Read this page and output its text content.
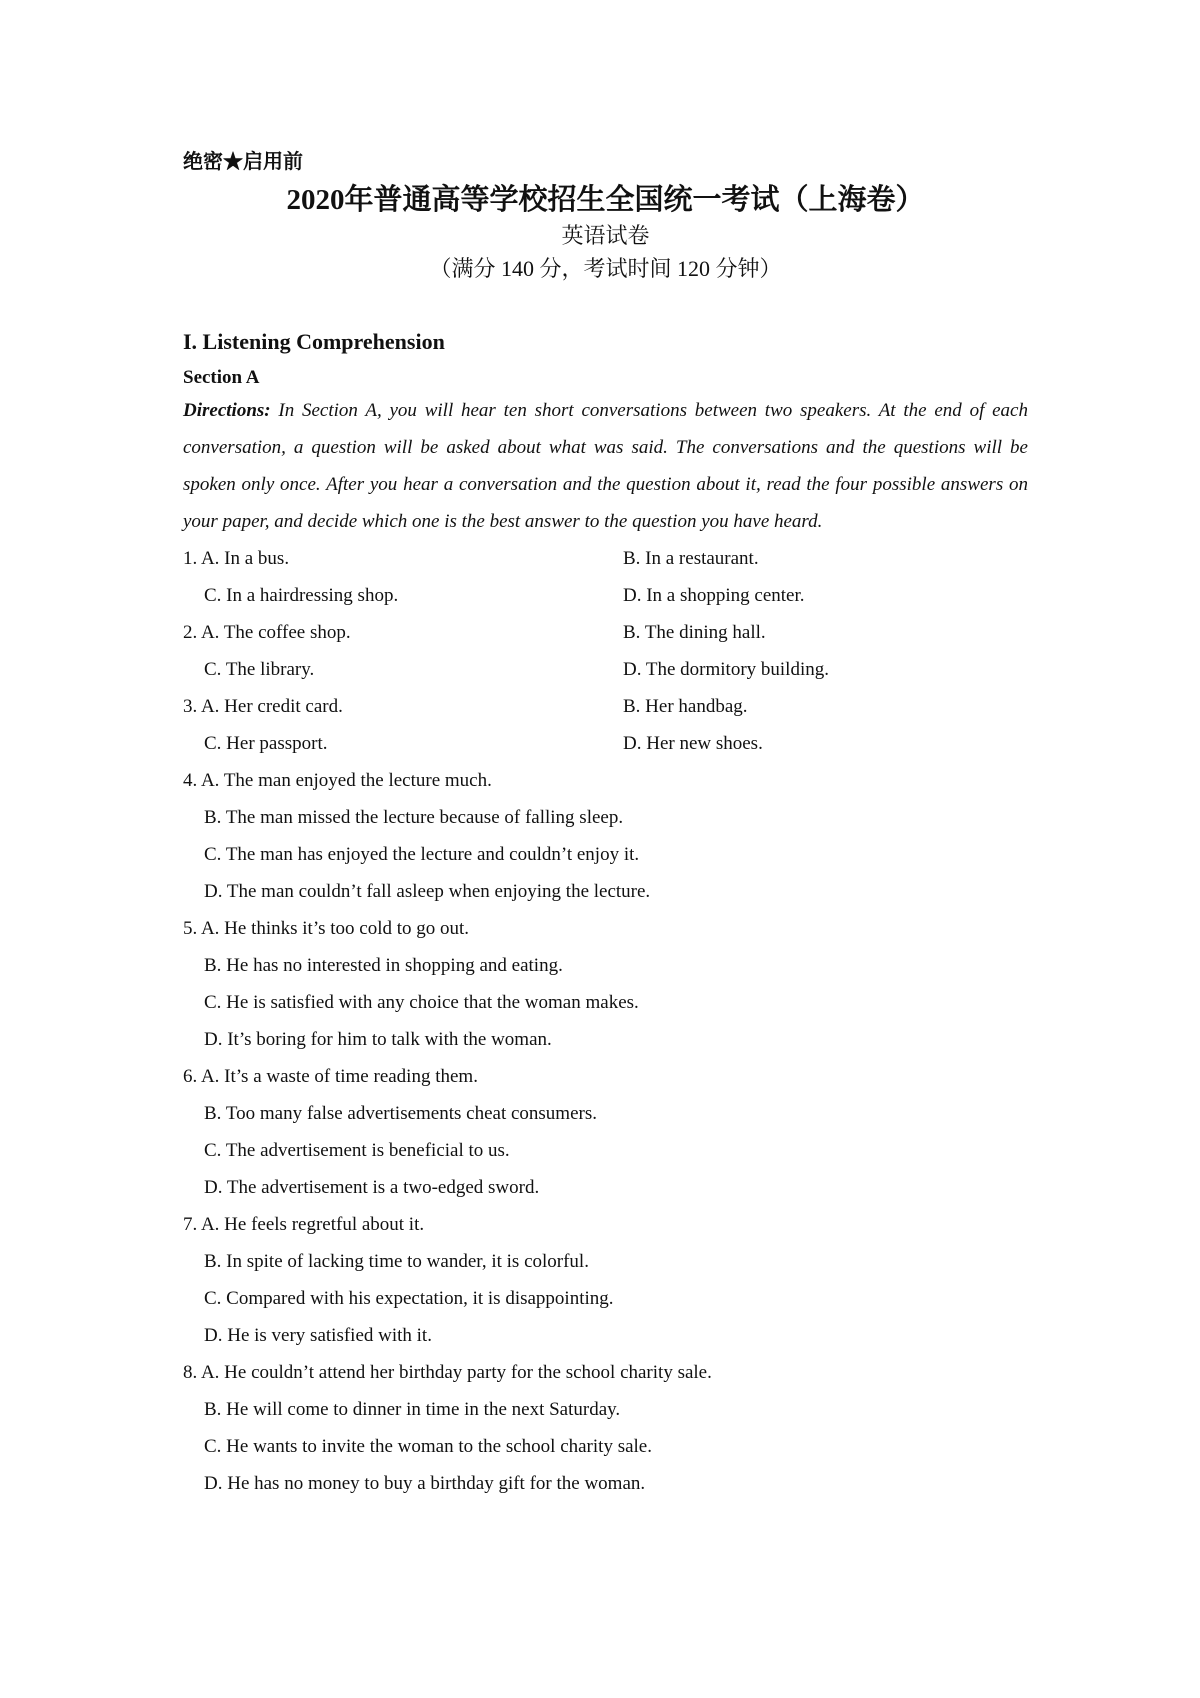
绝密★启用前

2020年普通高等学校招生全国统一考试（上海卷）

英语试卷

（满分 140 分，考试时间 120 分钟）

I. Listening Comprehension

Section A

Directions: In Section A, you will hear ten short conversations between two speakers. At the end of each conversation, a question will be asked about what was said. The conversations and the questions will be spoken only once. After you hear a conversation and the question about it, read the four possible answers on your paper, and decide which one is the best answer to the question you have heard.

1. A. In a bus.	B. In a restaurant.
C. In a hairdressing shop.	D. In a shopping center.
2. A. The coffee shop.	B. The dining hall.
C. The library.	D. The dormitory building.
3. A. Her credit card.	B. Her handbag.
C. Her passport.	D. Her new shoes.
4. A. The man enjoyed the lecture much.
B. The man missed the lecture because of falling sleep.
C. The man has enjoyed the lecture and couldn’t enjoy it.
D. The man couldn’t fall asleep when enjoying the lecture.
5. A. He thinks it’s too cold to go out.
B. He has no interested in shopping and eating.
C. He is satisfied with any choice that the woman makes.
D. It’s boring for him to talk with the woman.
6. A. It’s a waste of time reading them.
B. Too many false advertisements cheat consumers.
C. The advertisement is beneficial to us.
D. The advertisement is a two-edged sword.
7. A. He feels regretful about it.
B. In spite of lacking time to wander, it is colorful.
C. Compared with his expectation, it is disappointing.
D. He is very satisfied with it.
8. A. He couldn’t attend her birthday party for the school charity sale.
B. He will come to dinner in time in the next Saturday.
C. He wants to invite the woman to the school charity sale.
D. He has no money to buy a birthday gift for the woman.
